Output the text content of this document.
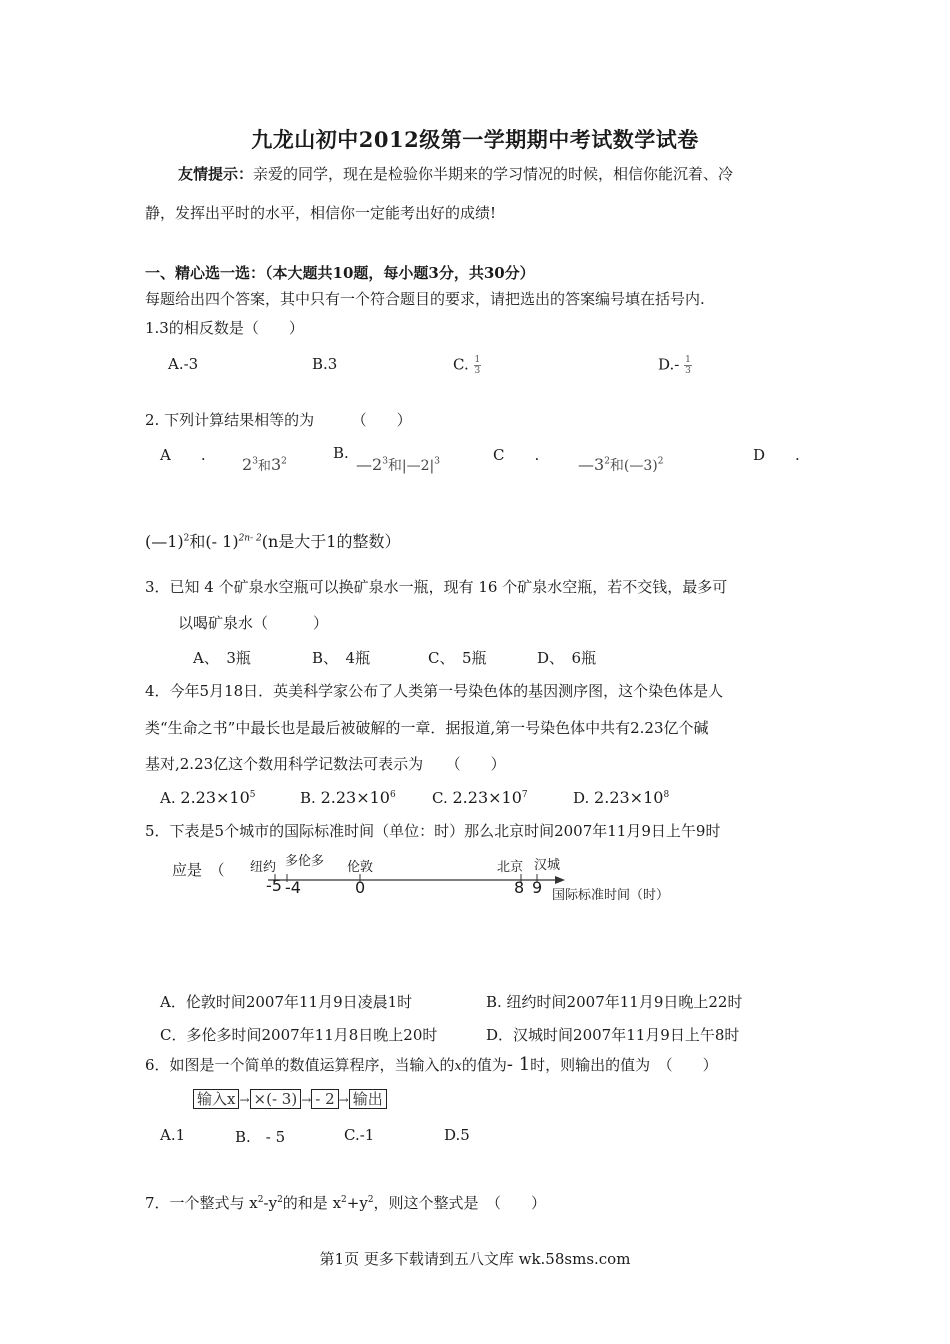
九龙山初中2012级第一学期期中考试数学试卷
友情提示：亲爱的同学，现在是检验你半期来的学习情况的时候，相信你能沉着、冷
静，发挥出平时的水平，相信你一定能考出好的成绩!
一、精心选一选：（本大题共10题，每小题3分，共30分）
每题给出四个答案，其中只有一个符合题目的要求，请把选出的答案编号填在括号内.
1.3的相反数是（　　）
A.-3	B.3	C. $\frac{1}{3}$	$D.- \frac{1}{3}$
2. 下列计算结果相等的为　　　（　　）
A　　. $2^3$和$3^2$	B.
$—2^3$和$|—2|^3$	C　　. $—3^2$和(—3)$^2$	D　　.
(—1)$^2$和(- 1)$^{2n- 2}$(n是大于1的整数）
3．已知 4 个矿泉水空瓶可以换矿泉水一瓶，现有 16 个矿泉水空瓶，若不交钱，最多可
以喝矿泉水（　　　）
A、　3瓶	B、　4瓶	C、　5瓶	D、　6瓶
4．今年5月18日．英美科学家公布了人类第一号染色体的基因测序图，这个染色体是人
类“生命之书”中最长也是最后被破解的一章．据报道,第一号染色体中共有2.23亿个碱
基对,2.23亿这个数用科学记数法可表示为　　（　　）
A. $2.23\times 10^5$	B. $2.23\times 10^6$ C. $2.23\times 10^7$	D. $2.23\times 10^8$
5．下表是5个城市的国际标准时间（单位：时）那么北京时间2007年11月9日上午9时
应是　（ 纽约 多伦多 伦敦	北京 汉城
-5 -4	0	8 9 国际标准时间（时）
A．伦敦时间2007年11月9日凌晨1时	B. 纽约时间2007年11月9日晚上22时
C．多伦多时间2007年11月8日晚上20时	D．汉城时间2007年11月9日上午8时
6．如图是一个简单的数值运算程序，当输入的x的值为- 1时，则输出的值为　（　　）
输入x → ×(- 3) → - 2 → 输出
A.1	B.　- 5	C.-1	D.5
7．一个整式与 $x^2-y^2$的和是 $x^2+y^2$，则这个整式是　（　　）
第1页 更多下载请到五八文库 wk.58sms.com
